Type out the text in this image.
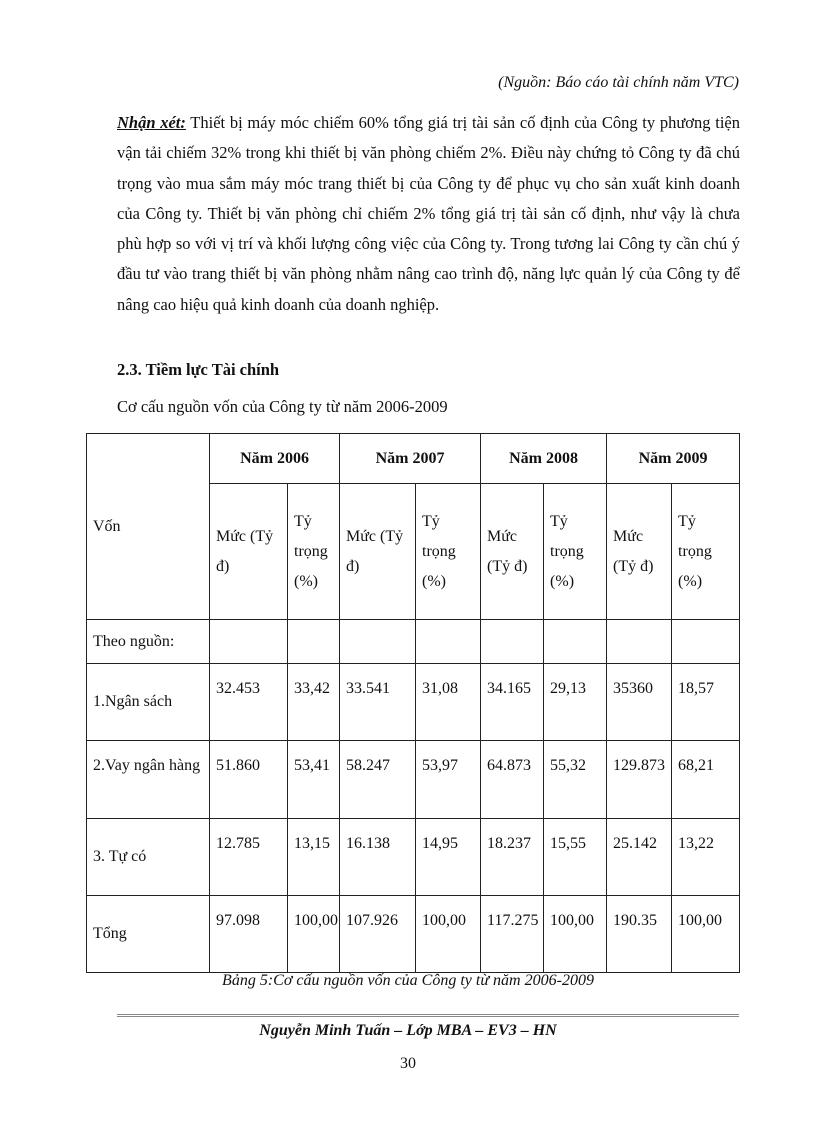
(Nguồn: Báo cáo tài chính năm VTC)

Nhận xét: Thiết bị máy móc chiếm 60% tổng giá trị tài sản cố định của Công ty phương tiện vận tải chiếm 32% trong khi thiết bị văn phòng chiếm 2%. Điều này chứng tỏ Công ty đã chú trọng vào mua sắm máy móc trang thiết bị của Công ty để phục vụ cho sản xuất kinh doanh của Công ty. Thiết bị văn phòng chỉ chiếm 2% tổng giá trị tài sản cố định, như vậy là chưa phù hợp so với vị trí và khối lượng công việc của Công ty. Trong tương lai Công ty cần chú ý đầu tư vào trang thiết bị văn phòng nhằm nâng cao trình độ, năng lực quản lý của Công ty để nâng cao hiệu quả kinh doanh của doanh nghiệp.

2.3. Tiềm lực Tài chính
Cơ cấu nguồn vốn của Công ty từ năm 2006-2009
Vốn	Năm 2006		Năm 2007		Năm 2008		Năm 2009	
	Mức (Tỷ đ)	Tỷ trọng (%)	Mức (Tỷ đ)	Tỷ trọng (%)	Mức (Tỷ đ)	Tỷ trọng (%)	Mức (Tỷ đ)	Tỷ trọng (%)
Theo nguồn:								
1.Ngân sách	32.453	33,42	33.541	31,08	34.165	29,13	35360	18,57
2.Vay ngân hàng	51.860	53,41	58.247	53,97	64.873	55,32	129.873	68,21
3. Tự có	12.785	13,15	16.138	14,95	18.237	15,55	25.142	13,22
Tổng	97.098	100,00	107.926	100,00	117.275	100,00	190.35	100,00
Bảng 5:Cơ cấu nguồn vốn của Công ty từ năm 2006-2009
Nguyễn Minh Tuấn – Lớp MBA – EV3 – HN
30
